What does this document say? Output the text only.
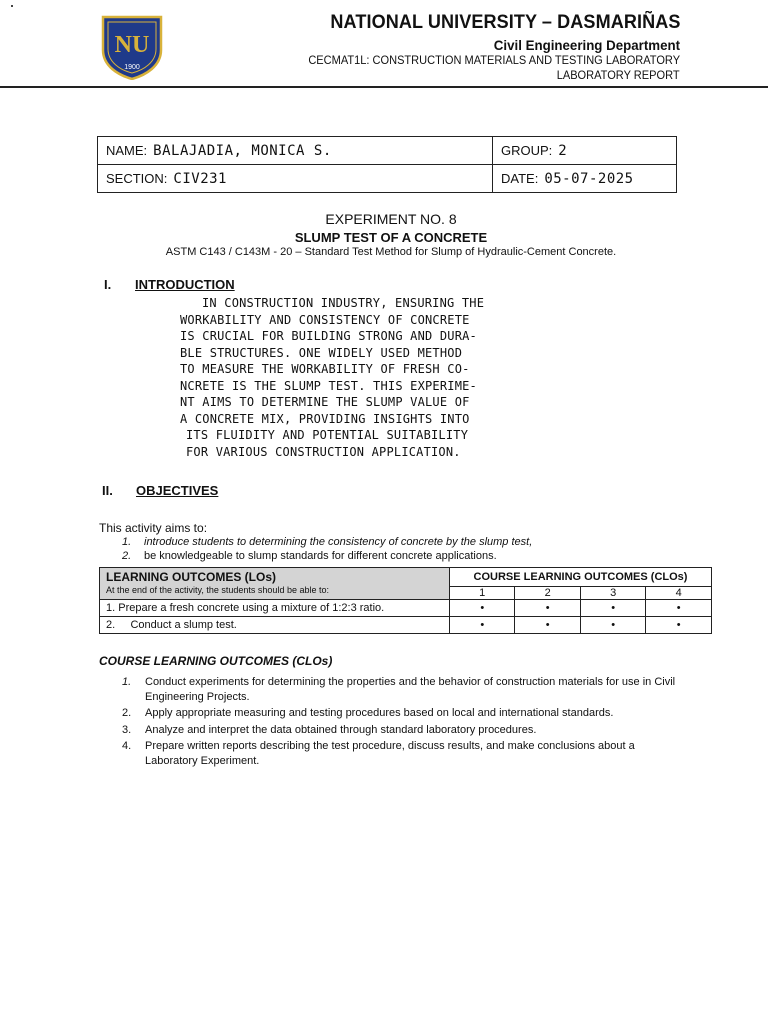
NU
1900
NATIONAL UNIVERSITY – DASMARIÑAS
Civil Engineering Department
CECMAT1L: CONSTRUCTION MATERIALS AND TESTING LABORATORY
LABORATORY REPORT
NAME: BALAJADIA, MONICA S.	GROUP: 2
SECTION: CIV231	DATE: 05-07-2025
EXPERIMENT NO. 8
SLUMP TEST OF A CONCRETE
ASTM C143 / C143M - 20 – Standard Test Method for Slump of Hydraulic-Cement Concrete.
I. INTRODUCTION
IN CONSTRUCTION INDUSTRY, ENSURING THE
WORKABILITY AND CONSISTENCY OF CONCRETE
IS CRUCIAL FOR BUILDING STRONG AND DURA-
BLE STRUCTURES. ONE WIDELY USED METHOD
TO MEASURE THE WORKABILITY OF FRESH CO-
NCRETE IS THE SLUMP TEST. THIS EXPERIME-
NT AIMS TO DETERMINE THE SLUMP VALUE OF
A CONCRETE MIX, PROVIDING INSIGHTS INTO
ITS FLUIDITY AND POTENTIAL SUITABILITY
FOR VARIOUS CONSTRUCTION APPLICATION.
II. OBJECTIVES
This activity aims to:
1. introduce students to determining the consistency of concrete by the slump test,
2. be knowledgeable to slump standards for different concrete applications.
LEARNING OUTCOMES (LOs)
At the end of the activity, the students should be able to:	COURSE LEARNING OUTCOMES (CLOs)			
	1	2	3	4
1. Prepare a fresh concrete using a mixture of 1:2:3 ratio.	•	•	•	•
2.     Conduct a slump test.	•	•	•	•
COURSE LEARNING OUTCOMES (CLOs)
1.	Conduct experiments for determining the properties and the behavior of construction materials for use in Civil Engineering Projects.
2.	Apply appropriate measuring and testing procedures based on local and international standards.
3.	Analyze and interpret the data obtained through standard laboratory procedures.
4.	Prepare written reports describing the test procedure, discuss results, and make conclusions about a Laboratory Experiment.
